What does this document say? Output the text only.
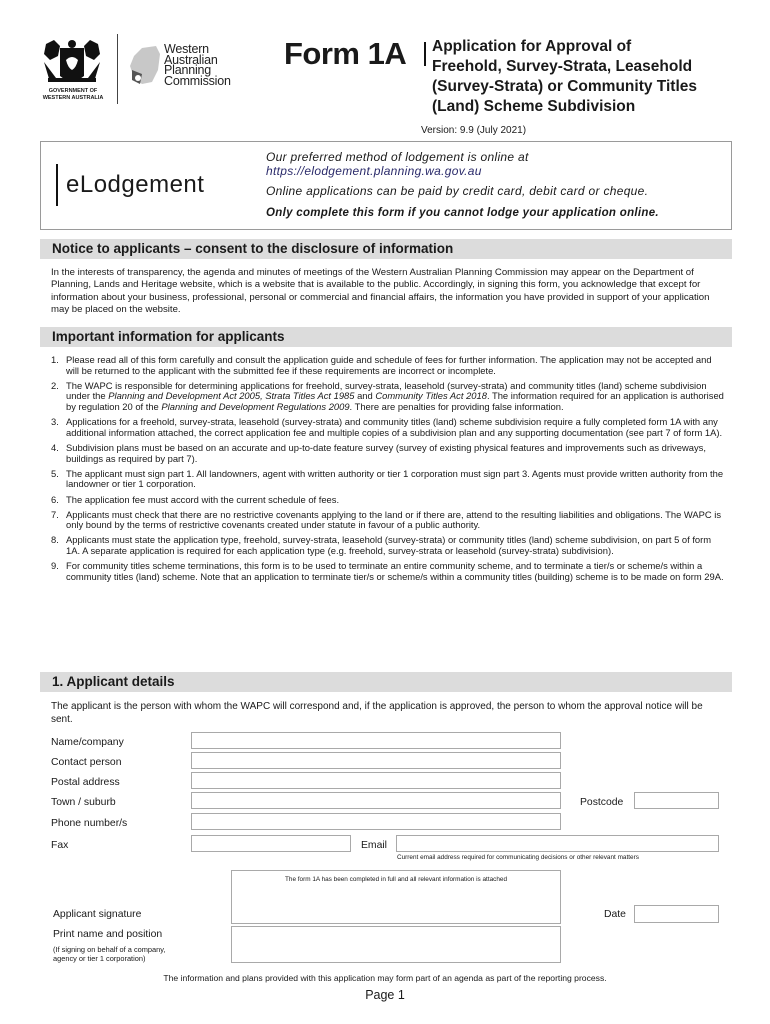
GOVERNMENT OF
WESTERN AUSTRALIA
Western
Australian
Planning
Commission
Form 1A Application for Approval of
Freehold, Survey-Strata, Leasehold
(Survey-Strata) or Community Titles
(Land) Scheme Subdivision
Version: 9.9 (July 2021)
eLodgement
Our preferred method of lodgement is online at
https://elodgement.planning.wa.gov.au
Online applications can be paid by credit card, debit card or cheque.
Only complete this form if you cannot lodge your application online.
Notice to applicants – consent to the disclosure of information
In the interests of transparency, the agenda and minutes of meetings of the Western Australian Planning Commission may appear on the Department of Planning, Lands and Heritage website, which is a website that is available to the public. Accordingly, in signing this form, you acknowledge that except for information about your business, professional, personal or commercial and financial affairs, the information you have provided in support of your application may be placed on the website.
Important information for applicants
1. Please read all of this form carefully and consult the application guide and schedule of fees for further information. The application may not be accepted and will be returned to the applicant with the submitted fee if these requirements are incorrect or incomplete.
2. The WAPC is responsible for determining applications for freehold, survey-strata, leasehold (survey-strata) and community titles (land) scheme subdivision under the Planning and Development Act 2005, Strata Titles Act 1985 and Community Titles Act 2018. The information required for an application is authorised by regulation 20 of the Planning and Development Regulations 2009. There are penalties for providing false information.
3. Applications for a freehold, survey-strata, leasehold (survey-strata) and community titles (land) scheme subdivision require a fully completed form 1A with any additional information attached, the correct application fee and multiple copies of a subdivision plan and any supporting documentation (see part 7 of form 1A).
4. Subdivision plans must be based on an accurate and up-to-date feature survey (survey of existing physical features and improvements such as driveways, buildings as required by part 7).
5. The applicant must sign part 1. All landowners, agent with written authority or tier 1 corporation must sign part 3. Agents must provide written authority from the landowner or tier 1 corporation.
6. The application fee must accord with the current schedule of fees.
7. Applicants must check that there are no restrictive covenants applying to the land or if there are, attend to the resulting liabilities and obligations. The WAPC is only bound by the terms of restrictive covenants created under statute in favour of a public authority.
8. Applicants must state the application type, freehold, survey-strata, leasehold (survey-strata) or community titles (land) scheme subdivision, on part 5 of form 1A. A separate application is required for each application type (e.g. freehold, survey-strata or leasehold (survey-strata) subdivision).
9. For community titles scheme terminations, this form is to be used to terminate an entire community scheme, and to terminate a tier/s or scheme/s within a community titles (land) scheme. Note that an application to terminate tier/s or scheme/s within a community titles (building) scheme is to be made on form 29A.
1. Applicant details
The applicant is the person with whom the WAPC will correspond and, if the application is approved, the person to whom the approval notice will be sent.
Name/company
Contact person
Postal address
Town / suburb	Postcode
Phone number/s
Fax	Email
Current email address required for communicating decisions or other relevant matters
The form 1A has been completed in full and all relevant information is attached
Applicant signature	Date
Print name and position
(If signing on behalf of a company,
agency or tier 1 corporation)
The information and plans provided with this application may form part of an agenda as part of the reporting process.
Page 1
